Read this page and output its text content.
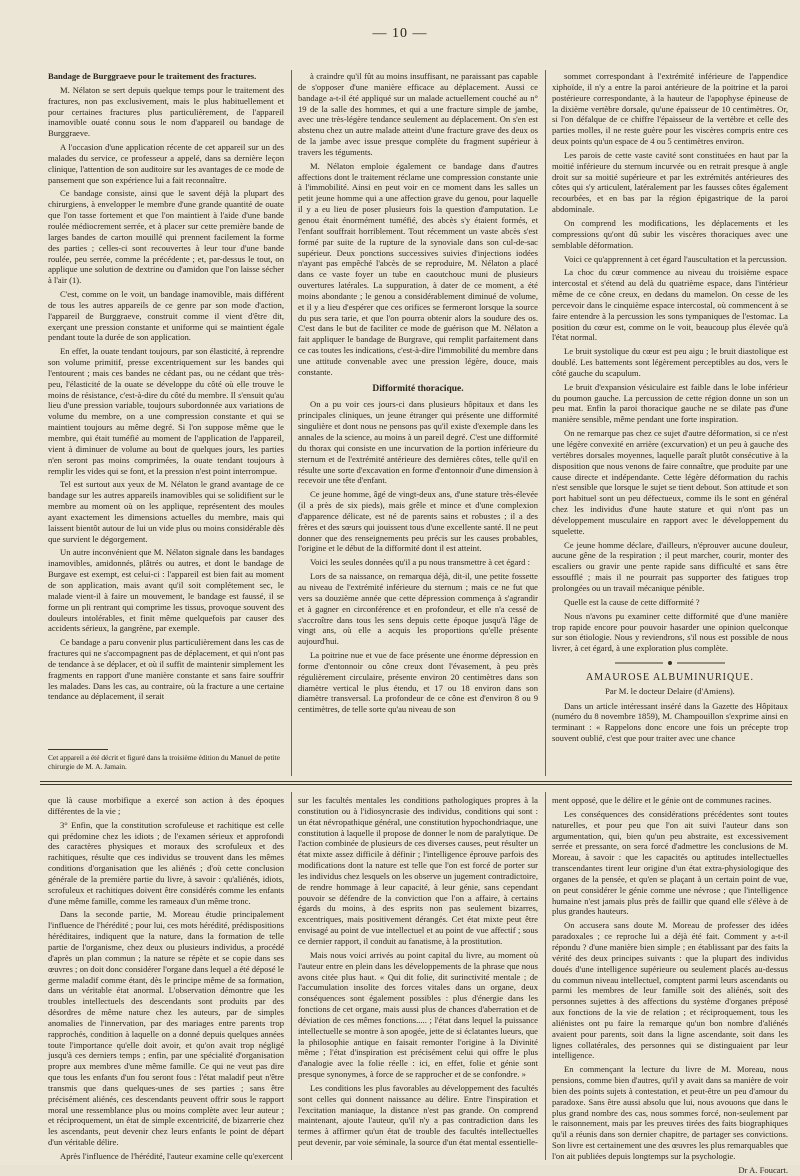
— 10 —

Bandage de Burggraeve pour le traitement des fractures.

M. Nélaton se sert depuis quelque temps pour le traitement des fractures, non pas exclusivement, mais le plus habituellement et pour certaines fractures plus particulièrement, de l'appareil inamovible ouaté connu sous le nom d'appareil ou bandage de Burggraeve.

A l'occasion d'une application récente de cet appareil sur un des malades du service, ce professeur a appelé, dans sa dernière leçon clinique, l'attention de son auditoire sur les avantages de ce mode de pansement que son expérience lui a fait reconnaître.

Ce bandage consiste, ainsi que le savent déjà la plupart des chirurgiens, à envelopper le membre d'une grande quantité de ouate que l'on tasse fortement et que l'on maintient à l'aide d'une bande roulée médiocrement serrée, et à placer sur cette première bande de larges bandes de carton mouillé qui prennent facilement la forme des parties ; celles-ci sont recouvertes à leur tour d'une bande roulée, peu serrée, comme la précédente ; et, par-dessus le tout, on applique une solution de dextrine ou d'amidon que l'on laisse sécher à l'air (1).

C'est, comme on le voit, un bandage inamovible, mais différent de tous les autres appareils de ce genre par son mode d'action, l'appareil de Burggraeve, construit comme il vient d'être dit, exerçant une pression constante et uniforme qui se maintient égale pendant toute la durée de son application.

En effet, la ouate tendant toujours, par son élasticité, à reprendre son volume primitif, presse excentriquement sur les bandes qui l'entourent ; mais ces bandes ne cédant pas, ou ne cédant que très-peu, l'élasticité de la ouate se développe du côté où elle trouve le moins de résistance, c'est-à-dire du côté du membre. Il s'ensuit qu'au lieu d'une pression variable, toujours subordonnée aux variations de volume du membre, on a une compression constante et qui se maintient toujours au même degré. Si l'on suppose même que le membre, qui était tuméfié au moment de l'application de l'appareil, vient à diminuer de volume au bout de quelques jours, les parties n'en seront pas moins comprimées, la ouate tendant toujours à remplir les vides qui se font, et la pression n'est point interrompue.

Tel est surtout aux yeux de M. Nélaton le grand avantage de ce bandage sur les autres appareils inamovibles qui se solidifient sur le membre au moment où on les applique, représentent des moules ayant exactement les dimensions actuelles du membre, mais qui laissent bientôt autour de lui un vide plus ou moins considérable dès que survient le dégorgement.

Un autre inconvénient que M. Nélaton signale dans les bandages inamovibles, amidonnés, plâtrés ou autres, et dont le bandage de Burgave est exempt, est celui-ci : l'appareil est bien fait au moment de son application, mais avant qu'il soit complétement sec, le malade vient-il à faire un mouvement, le bandage est faussé, il se forme un pli rentrant qui comprime les tissus, provoque souvent des douleurs intolérables, et finit même quelquefois par causer des accidents sérieux, la gangrène, par exemple.

Ce bandage a paru convenir plus particulièrement dans les cas de fractures qui ne s'accompagnent pas de déplacement, et qui n'ont pas de tendance à se déplacer, et où il suffit de maintenir simplement les fragments en rapport d'une manière constante et sans faire souffrir les malades. Dans les cas, au contraire, où la fracture a une certaine tendance au déplacement, il serait

Cet appareil a été décrit et figuré dans la troisième édition du Manuel de petite chirurgie de M. A. Jamain.

à craindre qu'il fût au moins insuffisant, ne paraissant pas capable de s'opposer d'une manière efficace au déplacement. Aussi ce bandage a-t-il été appliqué sur un malade actuellement couché au n° 19 de la salle des hommes, et qui a une fracture simple de jambe, avec une très-légère tendance seulement au déplacement. On s'en est abstenu chez un autre malade atteint d'une fracture grave des deux os de la jambe avec issue presque complète du fragment supérieur à travers les téguments.

M. Nélaton emploie également ce bandage dans d'autres affections dont le traitement réclame une compression constante unie à l'immobilité. Ainsi en peut voir en ce moment dans les salles un petit jeune homme qui a une affection grave du genou, pour laquelle il y a eu lieu de poser plusieurs fois la question d'amputation. Le genou était énormément tuméfié, des abcès s'y étaient formés, et l'enfant souffrait horriblement. Tout récemment un vaste abcès s'est formé par suite de la rupture de la synoviale dans son cul-de-sac supérieur. Deux ponctions successives suivies d'injections iodées n'ayant pas empêché l'abcès de se reproduire, M. Nélaton a placé dans ce vaste foyer un tube en caoutchouc muni de plusieurs ouvertures latérales. La suppuration, à dater de ce moment, a été moins abondante ; le genou a considérablement diminué de volume, et il y a lieu d'espérer que ces orifices se fermeront lorsque la source du pus sera tarie, et que l'on pourra obtenir alors la soudure des os. C'est dans le but de faciliter ce mode de guérison que M. Nélaton a fait appliquer le bandage de Burgrave, qui remplit parfaitement dans ce cas toutes les indications, c'est-à-dire l'immobilité du membre dans une attitude convenable avec une pression légère, douce, mais constante.

Difformité thoracique.

On a pu voir ces jours-ci dans plusieurs hôpitaux et dans les principales cliniques, un jeune étranger qui présente une difformité singulière et dont nous ne pensons pas qu'il existe d'exemple dans les annales de la science, au moins à un pareil degré. C'est une difformité du thorax qui consiste en une incurvation de la portion inférieure du sternum et de l'extrémité antérieure des dernières côtes, telle qu'il en résulte une sorte d'excavation en forme d'entonnoir d'une dimension à recevoir une tête d'enfant.

Ce jeune homme, âgé de vingt-deux ans, d'une stature très-élevée (il a près de six pieds), mais grêle et mince et d'une complexion d'apparence délicate, est né de parents sains et robustes ; il a des frères et des sœurs qui jouissent tous d'une excellente santé. Il ne peut donner que des renseignements peu précis sur les causes probables, l'origine et le début de la difformité dont il est atteint.

Voici les seules données qu'il a pu nous transmettre à cet égard :

Lors de sa naissance, on remarqua déjà, dit-il, une petite fossette au niveau de l'extrémité inférieure du sternum ; mais ce ne fut que vers sa douzième année que cette dépression commença à s'agrandir et à gagner en circonférence et en profondeur, et elle n'a cessé de s'accroître dans tous les sens depuis cette époque jusqu'à l'âge de vingt ans, où elle a acquis les proportions qu'elle présente aujourd'hui.

La poitrine nue et vue de face présente une énorme dépression en forme d'entonnoir ou cône creux dont l'évasement, à peu près régulièrement circulaire, présente environ 20 centimètres dans son diamètre vertical le plus étendu, et 17 ou 18 environ dans son diamètre transversal. La profondeur de ce cône est d'environ 8 ou 9 centimètres, de telle sorte qu'au niveau de son

sommet correspondant à l'extrémité inférieure de l'appendice xiphoïde, il n'y a entre la paroi antérieure de la poitrine et la paroi postérieure correspondante, à la hauteur de l'apophyse épineuse de la dixième vertèbre dorsale, qu'une épaisseur de 10 centimètres. Or, si l'on défalque de ce chiffre l'épaisseur de la vertèbre et celle des parties molles, il ne reste guère pour les viscères compris entre ces deux points qu'un espace de 4 ou 5 centimètres environ.

Les parois de cette vaste cavité sont constituées en haut par la moitié inférieure du sternum incurvée ou en retrait presque à angle droit sur sa moitié supérieure et par les extrémités antérieures des côtes qui s'y articulent, latéralement par les fausses côtes également recourbées, et en bas par la région épigastrique de la paroi abdominale.

On comprend les modifications, les déplacements et les compressions qu'ont dû subir les viscères thoraciques avec une semblable déformation.

Voici ce qu'apprennent à cet égard l'auscultation et la percussion.

La choc du cœur commence au niveau du troisième espace intercostal et s'étend au delà du quatrième espace, dans l'intérieur même de ce cône creux, en dedans du mamelon. On cesse de les percevoir dans le cinquième espace intercostal, où commencent à se faire entendre à la percussion les sons tympaniques de l'estomac. La position du cœur est, comme on le voit, beaucoup plus élevée qu'à l'état normal.

Le bruit systolique du cœur est peu aigu ; le bruit diastolique est doublé. Les battements sont légèrement perceptibles au dos, vers le côté gauche du scapulum.

Le bruit d'expansion vésiculaire est faible dans le lobe inférieur du poumon gauche. La percussion de cette région donne un son un peu mat. Enfin la paroi thoracique gauche ne se dilate pas d'une manière sensible, même pendant une forte inspiration.

On ne remarque pas chez ce sujet d'autre déformation, si ce n'est une légère convexité en arrière (excurvation) et un peu à gauche des vertèbres dorsales moyennes, laquelle paraît plutôt consécutive à la disposition que nous venons de faire connaître, que produite par une cause directe et indépendante. Cette légère déformation du rachis n'est sensible que lorsque le sujet se tient debout. Son attitude et son port habituel sont un peu défectueux, comme ils le sont en général chez les individus d'une haute stature et qui n'ont pas un développement musculaire en rapport avec le développement du squelette.

Ce jeune homme déclare, d'ailleurs, n'éprouver aucune douleur, aucune gêne de la respiration ; il peut marcher, courir, monter des escaliers ou gravir une pente rapide sans difficulté et sans être essoufflé ; mais il ne pourrait pas supporter des fatigues trop prolongées ou un travail mécanique pénible.

Quelle est la cause de cette difformité ?

Nous n'avons pu examiner cette difformité que d'une manière trop rapide encore pour pouvoir hasarder une opinion quelconque sur son étiologie. Nous y reviendrons, s'il nous est possible de nous livrer, à cet égard, à une exploration plus complète.

AMAUROSE ALBUMINURIQUE.
Par M. le docteur Delaire (d'Amiens).

Dans un article intéressant inséré dans la Gazette des Hôpitaux (numéro du 8 novembre 1859), M. Champouillon s'exprime ainsi en terminant : « Rappelons donc encore une fois un précepte trop souvent oublié, c'est que pour traiter avec une chance

que là cause morbifique a exercé son action à des époques différentes de la vie ;

3° Enfin, que la constitution scrofuleuse et rachitique est celle qui prédomine chez les idiots ; de l'examen sérieux et approfondi des caractères physiques et moraux des scrofuleux et des rachitiques, résulte que ces individus se trouvent dans les mêmes conditions d'organisation que les aliénés ; d'où cette conclusion générale de la première partie du livre, à savoir : qu'aliénés, idiots, scrofuleux et rachitiques doivent être considérés comme les enfants d'une même famille, comme les rameaux d'un même tronc.

Dans la seconde partie, M. Moreau étudie principalement l'influence de l'hérédité ; pour lui, ces mots hérédité, prédispositions héréditaires, indiquent que la nature, dans la formation de telle partie de l'organisme, chez deux ou plusieurs individus, a procédé d'après un plan commun ; la nature se répète et se copie dans ses œuvres ; on doit donc considérer l'organe dans lequel a été déposé le germe maladif comme étant, dès le principe même de sa formation, dans un véritable état anormal. L'observation démontre que les troubles intellectuels des descendants sont produits par des désordres de même nature chez les auteurs, par de simples anomalies de l'innervation, par des mariages entre parents trop rapprochés, condition à laquelle on a donné depuis quelques années toute l'importance qu'elle doit avoir, et qu'on avait trop négligé jusqu'à ces derniers temps ; enfin, par une spécialité d'organisation propre aux membres d'une même famille. Ce qui ne veut pas dire que tous les enfants d'un fou seront fous : l'état maladif peut n'être transmis que dans quelques-unes de ses parties ; sans être précisément aliénés, ces descendants peuvent offrir sous le rapport moral une ressemblance plus ou moins complète avec leur auteur ; et réciproquement, un état de simple excentricité, de bizarrerie chez les ascendants, peut devenir chez leurs enfants le point de départ d'un véritable délire.

Après l'influence de l'hérédité, l'auteur examine celle qu'exercent

sur les facultés mentales les conditions pathologiques propres à la constitution ou à l'idiosyncrasie des individus, conditions qui sont : un état névropathique général, une constitution hypochondriaque, une constitution à laquelle il propose de donner le nom de paralytique. De l'action combinée de plusieurs de ces diverses causes, peut résulter un état mixte assez difficile à définir ; l'intelligence éprouve parfois des modifications dont la nature est telle que l'on est forcé de porter sur les individus chez lesquels on les observe un jugement contradictoire, de rendre hommage à leur capacité, à leur génie, sans cependant pouvoir se défendre de la conviction que l'on a affaire, à certains égards du moins, à des esprits non pas seulement bizarres, excentriques, mais positivement dérangés. Cet état mixte peut être envisagé au point de vue intellectuel et au point de vue affectif ; sous ce dernier rapport, il conduit au fanatisme, à la prostitution.

Mais nous voici arrivés au point capital du livre, au moment où l'auteur entre en plein dans les développements de la phrase que nous avons citée plus haut. « Qui dit folie, dit surinctivité mentale ; de l'accumulation insolite des forces vitales dans un organe, deux conséquences sont également possibles : plus d'énergie dans les fonctions de cet organe, mais aussi plus de chances d'aberration et de déviation de ces mêmes fonctions..... ; l'état dans lequel la puissance intellectuelle se montre à son apogée, jette de si éclatantes lueurs, que la philosophie antique en faisait remonter l'origine à la Divinité même ; l'état d'inspiration est précisément celui qui offre le plus d'analogie avec la folie réelle : ici, en effet, folie et génie sont presque synonymes, à force de se rapprocher et de se confondre. »

Les conditions les plus favorables au développement des facultés sont celles qui donnent naissance au délire. Entre l'inspiration et l'excitation maniaque, la distance n'est pas grande. On comprend maintenant, ajoute l'auteur, qu'il n'y a pas contradiction dans les termes à affirmer qu'un état de trouble des facultés intellectuelles peut devenir, par voie séminale, la source d'un état mental essentielle-

ment opposé, que le délire et le génie ont de communes racines.

Les conséquences des considérations précédentes sont toutes naturelles, et pour peu que l'on ait suivi l'auteur dans son argumentation, qui, bien qu'un peu abstraite, est excessivement serrée et pressante, on sera forcé d'admettre les conclusions de M. Moreau, à savoir : que les capacités ou aptitudes intellectuelles transcendantes tirent leur origine d'un état extra-physiologique des organes de la pensée, et qu'en se plaçant à un certain point de vue, on peut considérer le génie comme une névrose ; que l'intelligence humaine n'est jamais plus près de faillir que quand elle s'élève à de plus grandes hauteurs.

On accusera sans doute M. Moreau de professer des idées paradoxales ; ce reproche lui a déjà été fait. Comment y a-t-il répondu ? d'une manière bien simple ; en établissant par des faits la vérité des deux principes suivants : que la plupart des individus doués d'une intelligence supérieure ou seulement placés au-dessus du commun niveau intellectuel, comptent parmi leurs ascendants ou parmi les membres de leur famille soit des aliénés, soit des personnes sujettes à des affections du système d'organes préposé aux fonctions de la vie de relation ; et réciproquement, tous les aliénistes ont pu faire la remarque qu'un bon nombre d'aliénés avaient pour parents, soit dans la ligne ascendante, soit dans les lignes collatérales, des personnes qui se distinguaient par leur intelligence.

En commençant la lecture du livre de M. Moreau, nous pensions, comme bien d'autres, qu'il y avait dans sa manière de voir bien des points sujets à contestation, et peut-être un peu d'amour du paradoxe. Sans être aussi absolu que lui, nous avouons que dans le plus grand nombre des cas, nous sommes forcé, non-seulement par le raisonnement, mais par les preuves tirées des faits biographiques qu'il a réunis dans son dernier chapitre, de partager ses convictions. Son livre est certainement une des œuvres les plus remarquables que l'on ait publiées depuis longtemps sur la psychologie.

Dr A. Foucart.
